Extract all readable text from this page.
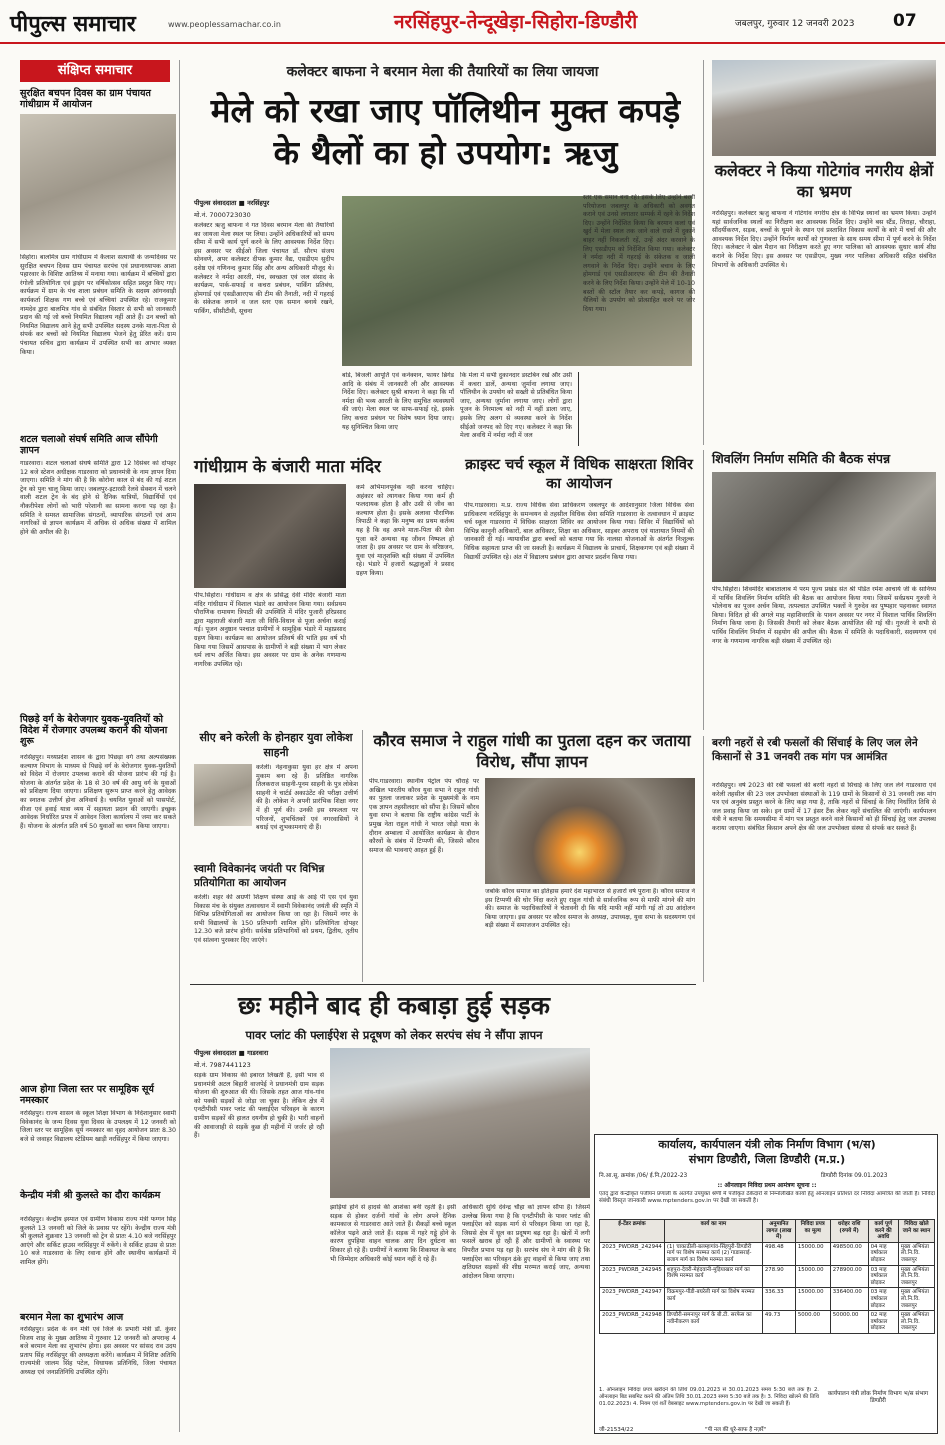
पीपुल्स समाचार	www.peoplessamachar.co.in	नरसिंहपुर-तेन्दूखेड़ा-सिहोरा-डिण्डौरी	जबलपुर, गुरुवार 12 जनवरी 2023 07
संक्षिप्त समाचार
सुरक्षित बचपन दिवस का ग्राम पंचायत गांधीग्राम में आयोजन
सिहोरा। बालमित्र ग्राम गांधीग्राम में कैलाश सत्यार्थी के जन्मदिवस पर सुरक्षित बचपन दिवस ग्राम पंचायत सरपंच एवं प्रधानाध्यापक आशा पहारवार के विशिष्ट आतिथ्य में मनाया गया। कार्यक्रम में बच्चियों द्वारा रंगोली प्रतियोगिता एवं ड्राइंग पर वर्षिकोत्सव सहित प्रस्तुत किए गए। कार्यक्रम में ग्राम के पंच शाला प्रबंधन समिति के सदस्य आंगनवाड़ी कार्यकर्ता शिक्षक गण बच्चे एवं बच्चियां उपस्थित रहे। राजकुमार नामदेव द्वारा बालमित्र गांव से संबंधित विस्तार से सभी को जानकारी प्रदान की गई जो बच्चे नियमित विद्यालय नहीं आते हैं। उन बच्चों को नियमित विद्यालय आने हेतु सभी उपस्थित सदस्य उनके माता-पिता से संपर्क कर बच्चों को नियमित विद्यालय भेजने हेतु प्रेरित करें। ग्राम पंचायत सचिव द्वारा कार्यक्रम में उपस्थित सभी का आभार व्यक्त किया।
शटल चलाओ संघर्ष समिति आज सौंपेगी ज्ञापन
गाडरवारा। शटल चलाओ संघर्ष समिति द्वारा 12 दिसंबर को दोपहर 12 बजे स्टेशन अधीक्षक गाडरवारा को प्रधानमंत्री के नाम ज्ञापन दिया जाएगा। समिति ने मांग की है कि कोरोना काल से बंद की गई शटल ट्रेन को पुनः चालू किया जाए। जबलपुर-इटारसी रेलवे सेक्शन में चलने वाली शटल ट्रेन के बंद होने से दैनिक यात्रियों, विद्यार्थियों एवं नौकरीपेशा लोगों को भारी परेशानी का सामना करना पड़ रहा है। समिति ने समस्त सामाजिक संगठनों, व्यापारिक संगठनों एवं आम नागरिकों से ज्ञापन कार्यक्रम में अधिक से अधिक संख्या में शामिल होने की अपील की है।
पिछड़े वर्ग के बेरोजगार युवक-युवतियों को विदेश में रोजगार उपलब्ध कराने की योजना शुरू
नरसिंहपुर। मध्यप्रदेश शासन के द्वारा पिछड़ा वर्ग तथा अल्पसंख्यक कल्याण विभाग के माध्यम से पिछड़े वर्ग के बेरोजगार युवक-युवतियों को विदेश में रोजगार उपलब्ध कराने की योजना प्रारंभ की गई है। योजना के अंतर्गत प्रदेश के 18 से 30 वर्ष की आयु वर्ग के युवाओं को प्रशिक्षण दिया जाएगा। प्रशिक्षण सुरूप प्राप्त करने हेतु आवेदक का स्नातक उत्तीर्ण होना अनिवार्य है। चयनित युवाओं को पासपोर्ट, वीजा एवं हवाई यात्रा व्यय में सहायता प्रदान की जाएगी। इच्छुक आवेदक निर्धारित प्रपत्र में आवेदन जिला कार्यालय में जमा कर सकते हैं। योजना के अंतर्गत प्रति वर्ष 50 युवाओं का चयन किया जाएगा।
आज होगा जिला स्तर पर सामूहिक सूर्य नमस्कार
नरसिंहपुर। राज्य शासन के स्कूल शिक्षा विभाग के निर्देशानुसार स्वामी विवेकानंद के जन्म दिवस युवा दिवस के उपलक्ष्य में 12 जनवरी को जिला स्तर पर सामूहिक सूर्य नमस्कार का वृहद आयोजन प्रातः 8.30 बजे से जवाहर विद्यालय स्टेडियम खाड़ी नरसिंहपुर में किया जाएगा।
केन्द्रीय मंत्री श्री कुलस्ते का दौरा कार्यक्रम
नरसिंहपुर। केन्द्रीय इस्पात एवं ग्रामीण विकास राज्य मंत्री फग्गन सिंह कुलस्ते 13 जनवरी को जिले के प्रवास पर रहेंगे। केन्द्रीय राज्य मंत्री श्री कुलस्ते शुक्रवार 13 जनवरी को ट्रेन से प्रातः 4.10 बजे नरसिंहपुर आएंगे और सर्किट हाउस नरसिंहपुर में रुकेंगे। वे सर्किट हाउस से प्रातः 10 बजे गाडरवारा के लिए रवाना होंगे और स्थानीय कार्यक्रमों में शामिल होंगे।
बरमान मेला का शुभारंभ आज
नरसिंहपुर। प्रदेश के वन मंत्री एवं जिले के प्रभारी मंत्री डॉ. कुंवर विजय शाह के मुख्य आतिथ्य में गुरुवार 12 जनवरी को अपरान्ह 4 बजे बरमान मेला का शुभारंभ होगा। इस अवसर पर सांसद राव उदय प्रताप सिंह नरसिंहपुर की अध्यक्षता करेंगे। कार्यक्रम में विशिष्ट अतिथि राज्यमंत्री जालम सिंह पटेल, विधायक प्रतिनिधि, जिला पंचायत अध्यक्ष एवं जनप्रतिनिधि उपस्थित रहेंगे।
कलेक्टर बाफना ने बरमान मेला की तैयारियों का लिया जायजा
मेले को रखा जाए पॉलिथीन मुक्त कपड़े के थैलों का हो उपयोग: ऋजु
पीपुल्स संवाददाता ■ नरसिंहपुर
मो.नं. 7000723030
कलेक्टर ऋजु बाफना ने गत दिवस बरमान मेला की तैयारियों का जायजा मेला स्थल पर लिया। उन्होंने अधिकारियों को समय सीमा में सभी कार्य पूर्ण करने के लिए आवश्यक निर्देश दिए। इस अवसर पर सीईओ जिला पंचायत डॉ. सौरभ संजय सोनवणे, अपर कलेक्टर दीपक कुमार वैद्य, एसडीएम सुदीप दशेष्ठ एवं गणिनन्द कुमार सिंह और अन्य अधिकारी मौजूद थे। कलेक्टर ने नर्मदा आरती, मंच, स्वच्छता एवं जल संसाद के कार्यक्रम, पार्क-सफाई व कचरा प्रबंधन, पार्किंग प्रतिबंध, होमगार्ड एवं एसडीआरएफ की टीम की तैनाती, नदी में गहराई के संकेतक लगाने व जल स्तर एक समान बनाये रखने, पार्किंग, सीसीटीवी, सूचना
बोर्ड, बिजली आपूर्ति एवं कनेक्शन, फायर ब्रिगेड आदि के संबंध में जानकारी ली और आवश्यक निर्देश दिए। कलेक्टर सुश्री बाफना ने कहा कि माँ नर्मदा की भव्य आरती के लिए समुचित व्यवस्थायें की जाएं। मेला स्थल पर साफ-सफाई रहे, इसके लिए कचरा प्रबंधन पर विशेष ध्यान दिया जाए। यह सुनिश्चित किया जाए
कि मेला में सभी दुकानदार डस्टबिन रखें और उसी में कचरा डालें, अन्यथा जुर्माना लगाया जाए। पॉलिथीन के उपयोग को सख्ती से प्रतिबंधित किया जाए, अन्यथा जुर्माना लगाया जाए। लोगों द्वारा पूजन के निरमाल्य को नदी में नहीं डाला जाए, इसके लिए अलग से व्यवस्था करने के निर्देश सीईओ जनपद को दिए गए। कलेक्टर ने कहा कि मेला अवधि में नर्मदा नदी में जल
स्तर एक समान बना रहे। इसके लिए उन्होंने बरगी परियोजना जबलपुर के अधिकारी को अवगत कराने एवं उनसे लगातार सम्पर्क में रहने के निर्देश दिए। उन्होंने निर्देशित किया कि बरमान कलां एवं खुर्द में मेला स्थल तक जाने वाले रास्ते में दुकानें बाहर नहीं निकलती रहें, उन्हें अंदर करवाने के लिए एसडीएम को निर्देशित किया गया। कलेक्टर ने नर्मदा नदी में गहराई के संकेतक व जाली लगवाने के निर्देश दिए। उन्होंने बचाव के लिए होमगार्ड एवं एसडीआरएफ की टीम की तैनाती करने के लिए निर्देश किया। उन्होंने मेले में 10-10 बस्तों की स्टॉल तैयार कर कपड़े, कागज की थैलियों के उपयोग को प्रोत्साहित करने पर जोर दिया गया।
कलेक्टर ने किया गोटेगांव नगरीय क्षेत्रों का भ्रमण
नरसिंहपुर। कलेक्टर ऋजु बाफना ने गोटेगांव नगरीय क्षेत्र के विभिन्न स्थानों का भ्रमण किया। उन्होंने यहां सार्वजनिक स्थलों का निरीक्षण कर आवश्यक निर्देश दिए। उन्होंने बस स्टैंड, तिराहा, चौराहा, सौंदर्यीकरण, सड़क, बच्चों के घूमने के स्थान एवं प्रस्तावित विकास कार्यों के बारे में चर्चा की और आवश्यक निर्देश दिए। उन्होंने निर्माण कार्यों को गुणवत्ता के साथ समय सीमा में पूर्ण करने के निर्देश दिए। कलेक्टर ने खेल मैदान का निरीक्षण करते हुए नगर पालिका को आवश्यक सुधार कार्य शीघ्र कराने के निर्देश दिए। इस अवसर पर एसडीएम, मुख्य नगर पालिका अधिकारी सहित संबंधित विभागों के अधिकारी उपस्थित थे।
गांधीग्राम के बंजारी माता मंदिर
पीप.सिहोरा। गांधीग्राम व क्षेत्र के प्रसिद्ध देवी मंदिर बंजारी माता मंदिर गांधीग्राम में विशाल भंडारे का आयोजन किया गया। सर्वप्रथम पौराणिक रामायण त्रिपाठी की उपस्थिति में मंदिर पुजारी हरिप्रसाद द्वारा महाराजी बंजारी माता जी विधि-विधान से पूजा अर्चना कराई गई। पूजन अनुष्ठान पश्चात ग्रामीणों ने सामूहिक भंडारे में महाप्रसाद ग्रहण किया। कार्यक्रम का आयोजन प्रतिवर्ष की भांति इस वर्ष भी किया गया जिसमें आसपास के ग्रामीणों ने बड़ी संख्या में भाग लेकर धर्म लाभ अर्जित किया। इस अवसर पर ग्राम के अनेक गणमान्य नागरिक उपस्थित रहे।
कर्म अभिमानपूर्वक नहीं करना चाहिए। अहंकार को त्यागकर किया गया कर्म ही फलदायक होता है और उसी से जीव का कल्याण होता है। इसके अलावा पौराणिक त्रिपाठी ने कहा कि मनुष्य का प्रथम कर्तव्य यह है कि वह अपने माता-पिता की सेवा पूजा करें अन्यथा यह जीवन निष्फल हो जाता है। इस अवसर पर ग्राम के वरिष्ठजन, युवा एवं मातृशक्ति बड़ी संख्या में उपस्थित रहे। भंडारे में हजारों श्रद्धालुओं ने प्रसाद ग्रहण किया।
क्राइस्ट चर्च स्कूल में विधिक साक्षरता शिविर का आयोजन
पीप.गाडरवारा। म.प्र. राज्य विधिक सेवा प्राधिकरण जबलपुर के आदेशानुसार जिला विधिक सेवा प्राधिकरण नरसिंहपुर के समन्वयन से तहसील विधिक सेवा समिति गाडरवारा के तत्वावधान में क्राइस्ट चर्च स्कूल गाडरवारा में विधिक साक्षरता शिविर का आयोजन किया गया। शिविर में विद्यार्थियों को विभिन्न कानूनी अधिकारों, बाल अधिकार, शिक्षा का अधिकार, साइबर अपराध एवं यातायात नियमों की जानकारी दी गई। न्यायाधीश द्वारा बच्चों को बताया गया कि नालसा योजनाओं के अंतर्गत निःशुल्क विधिक सहायता प्राप्त की जा सकती है। कार्यक्रम में विद्यालय के प्राचार्य, शिक्षकगण एवं बड़ी संख्या में विद्यार्थी उपस्थित रहे। अंत में विद्यालय प्रबंधन द्वारा आभार प्रदर्शन किया गया।
शिवलिंग निर्माण समिति की बैठक संपन्न
पीप.सिहोरा। शिवमंदिर बाबातालाब में परम पूज्य प्रखंड संत श्री पंडित रमेश आचार्य जी के सानिध्य में पार्थिव शिवलिंग निर्माण समिति की बैठक का आयोजन किया गया। जिसमें सर्वप्रथम गुरुजी ने भोलेनाथ का पूजन अर्चन किया, तत्पश्चात उपस्थित भक्तों ने गुरुदेव का पुष्पहार पहनाकर स्वागत किया। विदित हो की अगले माह महाशिवरात्रि के पावन अवसर पर नगर में विशाल पार्थिव शिवलिंग निर्माण किया जाना है। जिसकी तैयारी को लेकर बैठक आयोजित की गई थी। गुरुजी ने सभी से पार्थिव शिवलिंग निर्माण में सहयोग की अपील की। बैठक में समिति के पदाधिकारी, सदस्यगण एवं नगर के गणमान्य नागरिक बड़ी संख्या में उपस्थित रहे।
सीए बने करेली के होनहार युवा लोकेश साहनी
करेली। नेहनाकुसा युवा हर क्षेत्र में अपना मुकाम बना रहे हैं। प्रतिष्ठित नागरिक तिलकराज साहनी-पूनम साहनी के पुत्र लोकेश साहनी ने चार्टर्ड अकाउंटेंट की परीक्षा उत्तीर्ण की है। लोकेश ने अपनी प्रारंभिक शिक्षा नगर में ही पूर्ण की। उनकी इस सफलता पर परिजनों, शुभचिंतकों एवं नगरवासियों ने बधाई एवं शुभकामनाएं दी हैं।
स्वामी विवेकानंद जयंती पर विभिन्न प्रतियोगिता का आयोजन
करेली। शहर की अग्रणी शिक्षण संस्था आई के आई पी एस एवं युवा विकास मंच के संयुक्त तत्वावधान में स्वामी विवेकानंद जयंती की स्मृति में विभिन्न प्रतियोगिताओं का आयोजन किया जा रहा है। जिसमें नगर के सभी विद्यालयों के 150 प्रतिभागी शामिल होंगे। प्रतियोगिता दोपहर 12.30 बजे प्रारंभ होगी। सर्वश्रेष्ठ प्रतिभागियों को प्रथम, द्वितीय, तृतीय एवं सांत्वना पुरस्कार दिए जाएंगे।
कौरव समाज ने राहुल गांधी का पुतला दहन कर जताया विरोध, सौंपा ज्ञापन
पीप.गाडरवारा। स्थानीय पेट्रोल पंप चौराहे पर अखिल भारतीय कौरव युवा सभा ने राहुल गांधी का पुतला जलाकर प्रदेश के मुख्यमंत्री के नाम एक ज्ञापन तहसीलदार को सौंपा है। जिसमें कौरव युवा सभा ने बताया कि राष्ट्रीय कांग्रेस पार्टी के प्रमुख नेता राहुल गांधी ने भारत जोड़ो यात्रा के दौरान अम्बाला में आयोजित कार्यक्रम के दौरान कौरवों के संबंध में टिप्पणी की, जिससे कौरव समाज की भावनाएं आहत हुई हैं।
जबकि कौरव समाज का इतिहास हमारे देश महाभारत से हजारों वर्ष पुराना है। कौरव समाज ने इस टिप्पणी की घोर निंदा करते हुए राहुल गांधी से सार्वजनिक रूप से माफी मांगने की मांग की। समाज के पदाधिकारियों ने चेतावनी दी कि यदि माफी नहीं मांगी गई तो उग्र आंदोलन किया जाएगा। इस अवसर पर कौरव समाज के अध्यक्ष, उपाध्यक्ष, युवा सभा के सदस्यगण एवं बड़ी संख्या में समाजजन उपस्थित रहे।
बरगी नहरों से रबी फसलों की सिंचाई के लिए जल लेने किसानों से 31 जनवरी तक मांग पत्र आमंत्रित
नरसिंहपुर। वर्ष 2023 की रबी फसलों की बरगी नहरों से सिंचाई के लिए जल लेने गाडरवारा एवं करेली तहसील की 23 जल उपभोक्ता संस्थाओं के 119 ग्रामों के किसानों से 31 जनवरी तक मांग पत्र एवं अनुबंध प्रस्तुत करने के लिए कहा गया है, ताकि नहरों से सिंचाई के लिए निर्धारित तिथि से जल प्रवाह किया जा सके। इन ग्रामों में 17 इंसर टैंक लेकर नहरें संचालित की जाएंगी। कार्यपालन यंत्री ने बताया कि समयसीमा में मांग पत्र प्रस्तुत करने वाले किसानों को ही सिंचाई हेतु जल उपलब्ध कराया जाएगा। संबंधित किसान अपने क्षेत्र की जल उपभोक्ता संस्था से संपर्क कर सकते हैं।
छः महीने बाद ही कबाड़ा हुई सड़क
पावर प्लांट की फ्लाईऐश से प्रदूषण को लेकर सरपंच संघ ने सौंपा ज्ञापन
पीपुल्स संवाददाता ■ गाडरवारा
मो.नं. 7987441123
सड़के ग्राम विकास की इबारत लिखती हैं, इसी भाव से प्रधानमंत्री अटल बिहारी वाजपेई ने प्रधानमंत्री ग्राम सड़क योजना की शुरुआत की थी। जिसके तहत आज गांव-गांव को पक्की सड़कों से जोड़ा जा चुका है। लेकिन क्षेत्र में एनटीपीसी पावर प्लांट की फ्लाईऐश परिवहन के कारण ग्रामीण सड़कों की हालत दयनीय हो चुकी है। भारी वाहनों की आवाजाही से सड़कें कुछ ही महीनों में जर्जर हो रही हैं।
झाड़ियां होने से हादसे की आशंका बनी रहती है। इसी सड़क से होकर दर्जनों गांवों के लोग अपने दैनिक कामकाज से गाडरवारा आते जाते हैं। सैकड़ों बच्चे स्कूल कॉलेज पढ़ने आते जाते हैं। सड़क में गहरे गड्ढे होने के कारण दुपहिया वाहन चालक आए दिन दुर्घटना का शिकार हो रहे हैं। ग्रामीणों ने बताया कि शिकायत के बाद भी जिम्मेदार अधिकारी कोई ध्यान नहीं दे रहे हैं।
अधिकारी सुधि देवेन्द्र चौहा को ज्ञापन सौंपा है। जिसमें उल्लेख किया गया है कि एनटीपीसी के पावर प्लांट की फ्लाईऐश को सड़क मार्ग से परिवहन किया जा रहा है, जिससे क्षेत्र में धूल का प्रदूषण बढ़ रहा है। खेतों में लगी फसलें खराब हो रही हैं और ग्रामीणों के स्वास्थ्य पर विपरीत प्रभाव पड़ रहा है। सरपंच संघ ने मांग की है कि फ्लाईऐश का परिवहन ढंके हुए वाहनों से किया जाए तथा क्षतिग्रस्त सड़कों की शीघ्र मरम्मत कराई जाए, अन्यथा आंदोलन किया जाएगा।
कार्यालय, कार्यपालन यंत्री लोक निर्माण विभाग (भ/स)
संभाग डिण्डौरी, जिला डिण्डौरी (म.प्र.)
नि.आ.सू. क्रमांक /06/ ई.नि./2022-23	डिण्डौरी दिनांक 09.01.2023
:: ऑनलाइन निविदा प्रथम आमंत्रण सूचना ::
एतद् द्वारा केन्द्रीकृत पंजीयन प्रणाली के अंतर्गत उपयुक्त श्रेणी में पंजीकृत ठेकेदारों से निम्नलिखित कार्यों हेतु ऑनलाइन प्रतिशत दर निविदा आमंत्रित की जाती है। निविदा संबंधी विस्तृत जानकारी www.mptenders.gov.in पर देखी जा सकती है।
ई-टेंडर क्रमांक	कार्य का नाम	अनुमानित लागत (लाख में)	निविदा प्रपत्र का मूल्य	धरोहर राशि (रुपये में)	कार्य पूर्ण करने की अवधि	निविदा खोले जाने का स्थान
2023_PWDRB_242944	(1) चाकाढीली-बलम्हागांव-सिंहपुरी-डिण्डौरी मार्ग पर विशेष मरम्मत कार्य (2) गाडासराई-बजाग मार्ग का विशेष मरम्मत कार्य	498.48	15000.00	498500.00	04 माह वर्षाकाल छोड़कर	मुख्य अभियंता लो.नि.वि. जबलपुर
2023_PWDRB_242945	शहपुरा-देवरी-मेहंदवानी-मुड़ियाखार मार्ग का विशेष मरम्मत कार्य	278.90	15000.00	278900.00	03 माह वर्षाकाल छोड़कर	मुख्य अभियंता लो.नि.वि. जबलपुर
2023_PWDRB_242947	विक्रमपुर-पौंडी-बघरेली मार्ग का विशेष मरम्मत कार्य	336.33	15000.00	336400.00	03 माह वर्षाकाल छोड़कर	मुख्य अभियंता लो.नि.वि. जबलपुर
2023_PWDRB_242948	डिण्डौरी-समनापुर मार्ग के बी.टी. सरफेस का नवीनीकरण कार्य	49.73	5000.00	50000.00	02 माह वर्षाकाल छोड़कर	मुख्य अभियंता लो.नि.वि. जबलपुर
1. ऑनलाइन निविदा प्रपत्र खरीदने की तिथि 09.01.2023 से 30.01.2023 समय 5:30 बजे तक है। 2. ऑनलाइन बिड सबमिट करने की अंतिम तिथि 30.01.2023 समय 5:30 बजे तक है। 3. निविदा खोलने की तिथि 01.02.2023। 4. नियम एवं शर्तें वेबसाइट www.mptenders.gov.in पर देखी जा सकती हैं।
कार्यपालन यंत्री लोक निर्माण विभाग भ/स संभाग डिण्डौरी
जी-21534/22	"पी नल की धूरे-साफ है नज़रें"
